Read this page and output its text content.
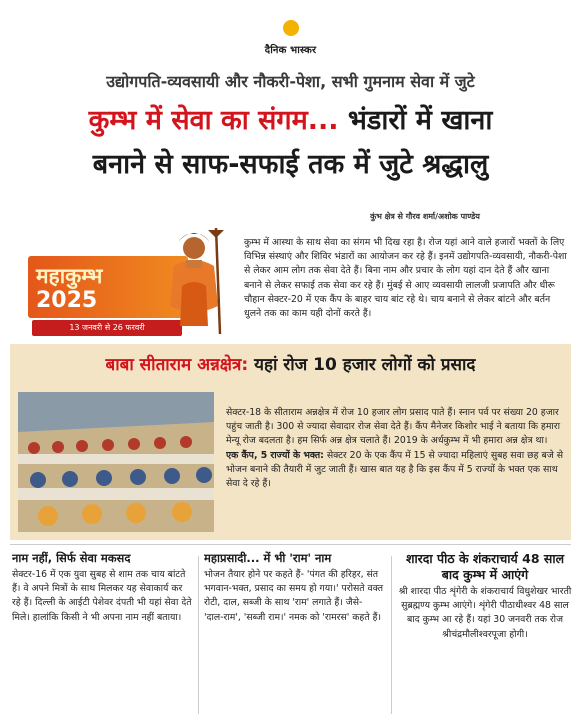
दैनिक भास्कर
उद्योगपति-व्यवसायी और नौकरी-पेशा, सभी गुमनाम सेवा में जुटे
कुम्भ में सेवा का संगम... भंडारों में खाना
बनाने से साफ-सफाई तक में जुटे श्रद्धालु
कुंभ क्षेत्र से गौरव शर्मा/अशोक पाण्डेय
महाकुम्भ
2025
13 जनवरी से 26 फरवरी
कुम्भ में आस्था के साथ सेवा का संगम भी दिख रहा है। रोज यहां आने वाले हजारों भक्तों के लिए विभिन्न संस्थाएं और शिविर भंडारों का आयोजन कर रहे हैं। इनमें उद्योगपति-व्यवसायी, नौकरी-पेशा से लेकर आम लोग तक सेवा देते हैं। बिना नाम और प्रचार के लोग यहां दान देते हैं और खाना बनाने से लेकर सफाई तक सेवा कर रहे हैं। मुंबई से आए व्यवसायी लालजी प्रजापति और धीरू चौहान सेक्टर-20 में एक कैंप के बाहर चाय बांट रहे थे। चाय बनाने से लेकर बांटने और बर्तन धुलने तक का काम यही दोनों करते हैं।
बाबा सीताराम अन्नक्षेत्र: यहां रोज 10 हजार लोगों को प्रसाद
सेक्टर-18 के सीताराम अन्नक्षेत्र में रोज 10 हजार लोग प्रसाद पाते हैं। स्नान पर्व पर संख्या 20 हजार पहुंच जाती है। 300 से ज्यादा सेवादार रोज सेवा देते हैं। कैंप मैनेजर किशोर भाई ने बताया कि हमारा मेन्यू रोज बदलता है। हम सिर्फ अन्न क्षेत्र चलाते हैं। 2019 के अर्धकुम्भ में भी हमारा अन्न क्षेत्र था।
एक कैंप, 5 राज्यों के भक्त: सेक्टर 20 के एक कैंप में 15 से ज्यादा महिलाएं सुबह सवा छह बजे से भोजन बनाने की तैयारी में जुट जाती हैं। खास बात यह है कि इस कैंप में 5 राज्यों के भक्त एक साथ सेवा दे रहे हैं।
नाम नहीं, सिर्फ सेवा मकसद
सेक्टर-16 में एक युवा सुबह से शाम तक चाय बांटते हैं। वे अपने मित्रों के साथ मिलकर यह सेवाकार्य कर रहे हैं। दिल्ली के आईटी पेशेवर दंपती भी यहां सेवा देते मिले। हालांकि किसी ने भी अपना नाम नहीं बताया।
महाप्रसादी... में भी 'राम' नाम
भोजन तैयार होने पर कहते हैं- 'पंगत की हरिहर, संत भगवान-भक्त, प्रसाद का समय हो गया।' परोसते वक्त रोटी, दाल, सब्जी के साथ 'राम' लगाते हैं। जैसे- 'दाल-राम', 'सब्जी राम।' नमक को 'रामरस' कहते हैं।
शारदा पीठ के शंकराचार्य 48 साल बाद कुम्भ में आएंगे
श्री शारदा पीठ शृंगेरी के शंकराचार्य विधुशेखर भारती सुब्रह्मण्य कुम्भ आएंगे। शृंगेरी पीठाधीश्वर 48 साल बाद कुम्भ आ रहे हैं। यहां 30 जनवरी तक रोज श्रीचंद्रमौलीश्वरपूजा होगी।
